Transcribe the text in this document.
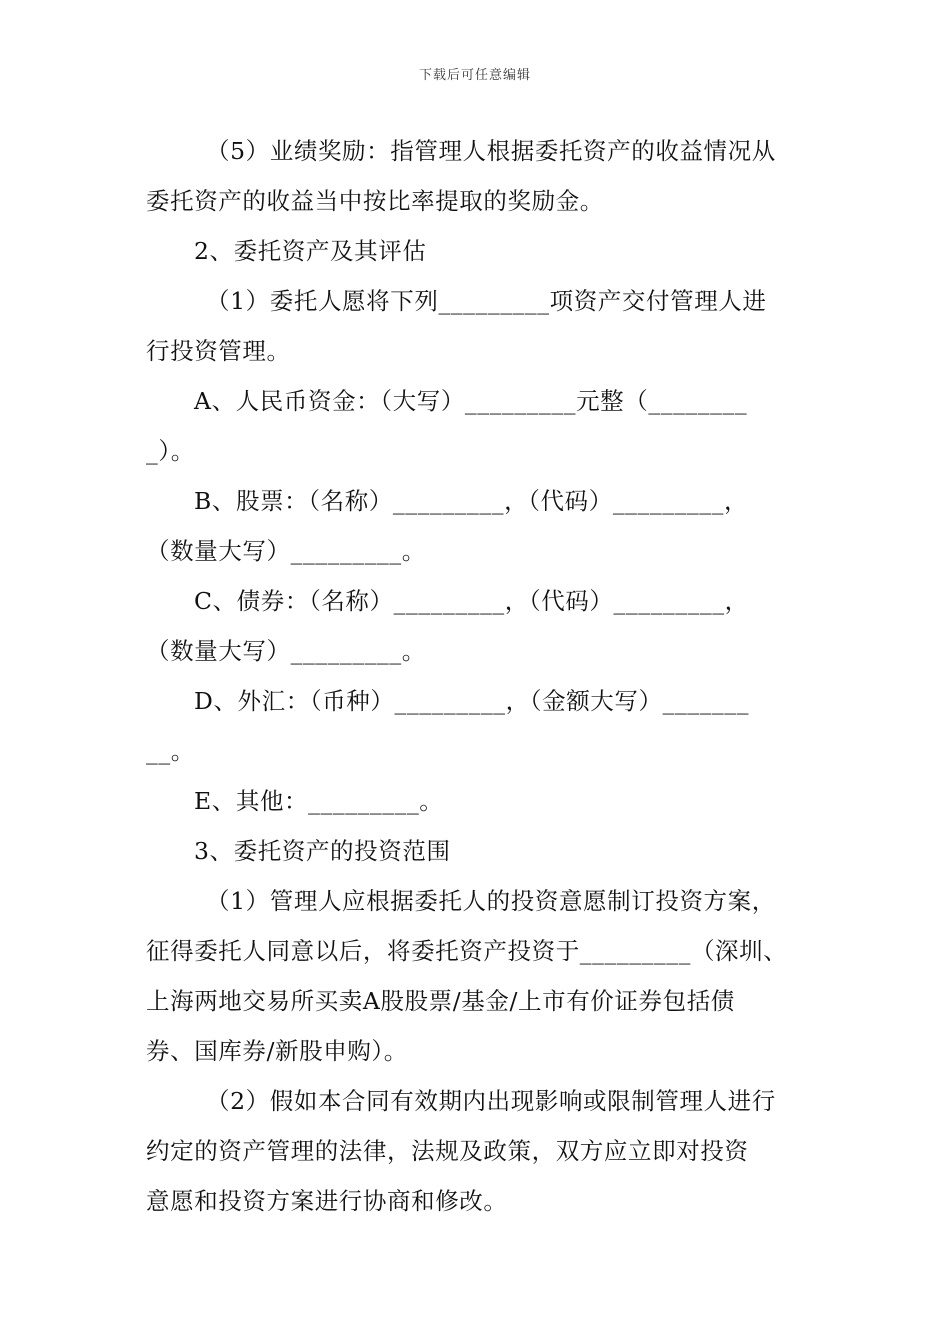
下载后可任意编辑
（5）业绩奖励：指管理人根据委托资产的收益情况从
委托资产的收益当中按比率提取的奖励金。
2、委托资产及其评估
（1）委托人愿将下列_________项资产交付管理人进
行投资管理。
A、人民币资金：（大写）_________元整（________
_）。
B、股票：（名称）_________，（代码）_________，
（数量大写）_________。
C、债券：（名称）_________，（代码）_________，
（数量大写）_________。
D、外汇：（币种）_________，（金额大写）_______
__。
E、其他：_________。
3、委托资产的投资范围
（1）管理人应根据委托人的投资意愿制订投资方案，
征得委托人同意以后，将委托资产投资于_________（深圳、
上海两地交易所买卖A股股票/基金/上市有价证券包括债
券、国库券/新股申购）。
（2）假如本合同有效期内出现影响或限制管理人进行
约定的资产管理的法律，法规及政策，双方应立即对投资
意愿和投资方案进行协商和修改。
